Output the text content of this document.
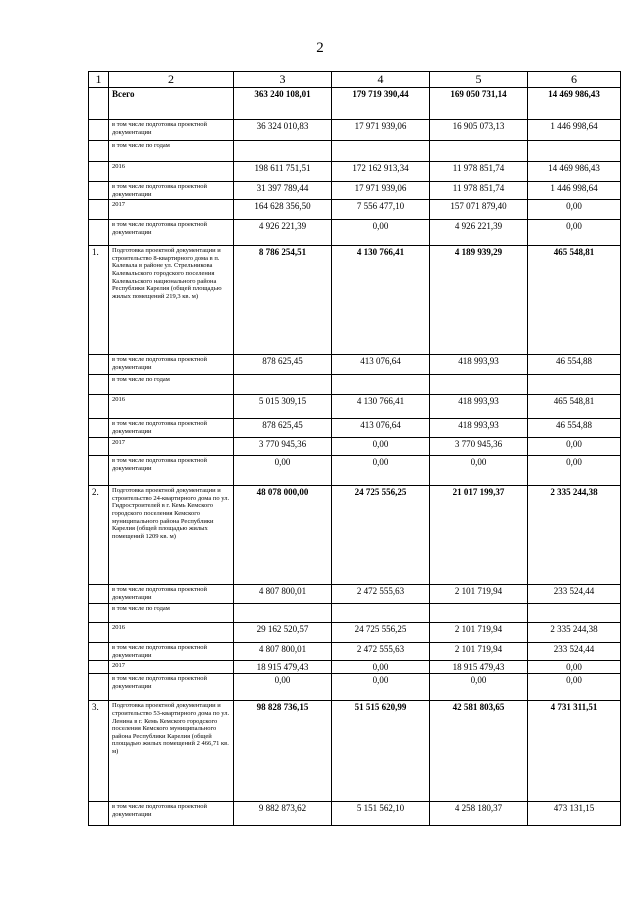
2
1	2	3	4	5	6
	Всего	363 240 108,01	179 719 390,44	169 050 731,14	14 469 986,43
	в том числе подготовка проектной документации	36 324 010,83	17 971 939,06	16 905 073,13	1 446 998,64
	в том числе по годам				
	2016	198 611 751,51	172 162 913,34	11 978 851,74	14 469 986,43
	в том числе подготовка проектной документации	31 397 789,44	17 971 939,06	11 978 851,74	1 446 998,64
	2017	164 628 356,50	7 556 477,10	157 071 879,40	0,00
	в том числе подготовка проектной документации	4 926 221,39	0,00	4 926 221,39	0,00
1.	Подготовка проектной документации и строительство 8-квартирного дома в п. Калевала в районе ул. Стрельникова Калевальского городского поселения Калевальского национального района Республики Карелия (общей площадью жилых помещений 219,3 кв. м)	8 786 254,51	4 130 766,41	4 189 939,29	465 548,81
	в том числе подготовка проектной документации	878 625,45	413 076,64	418 993,93	46 554,88
	в том числе по годам				
	2016	5 015 309,15	4 130 766,41	418 993,93	465 548,81
	в том числе подготовка проектной документации	878 625,45	413 076,64	418 993,93	46 554,88
	2017	3 770 945,36	0,00	3 770 945,36	0,00
	в том числе подготовка проектной документации	0,00	0,00	0,00	0,00
2.	Подготовка проектной документации и строительство 24-квартирного дома по ул. Гидростроителей в г. Кемь Кемского городского поселения Кемского муниципального района Республики Карелия (общей площадью жилых помещений 1209 кв. м)	48 078 000,00	24 725 556,25	21 017 199,37	2 335 244,38
	в том числе подготовка проектной документации	4 807 800,01	2 472 555,63	2 101 719,94	233 524,44
	в том числе по годам				
	2016	29 162 520,57	24 725 556,25	2 101 719,94	2 335 244,38
	в том числе подготовка проектной документации	4 807 800,01	2 472 555,63	2 101 719,94	233 524,44
	2017	18 915 479,43	0,00	18 915 479,43	0,00
	в том числе подготовка проектной документации	0,00	0,00	0,00	0,00
3.	Подготовка проектной документации и строительство 53-квартирного дома по ул. Ленина в г. Кемь Кемского городского поселения Кемского муниципального района Республики Карелия (общей площадью жилых помещений 2 466,71 кв. м)	98 828 736,15	51 515 620,99	42 581 803,65	4 731 311,51
	в том числе подготовка проектной документации	9 882 873,62	5 151 562,10	4 258 180,37	473 131,15
